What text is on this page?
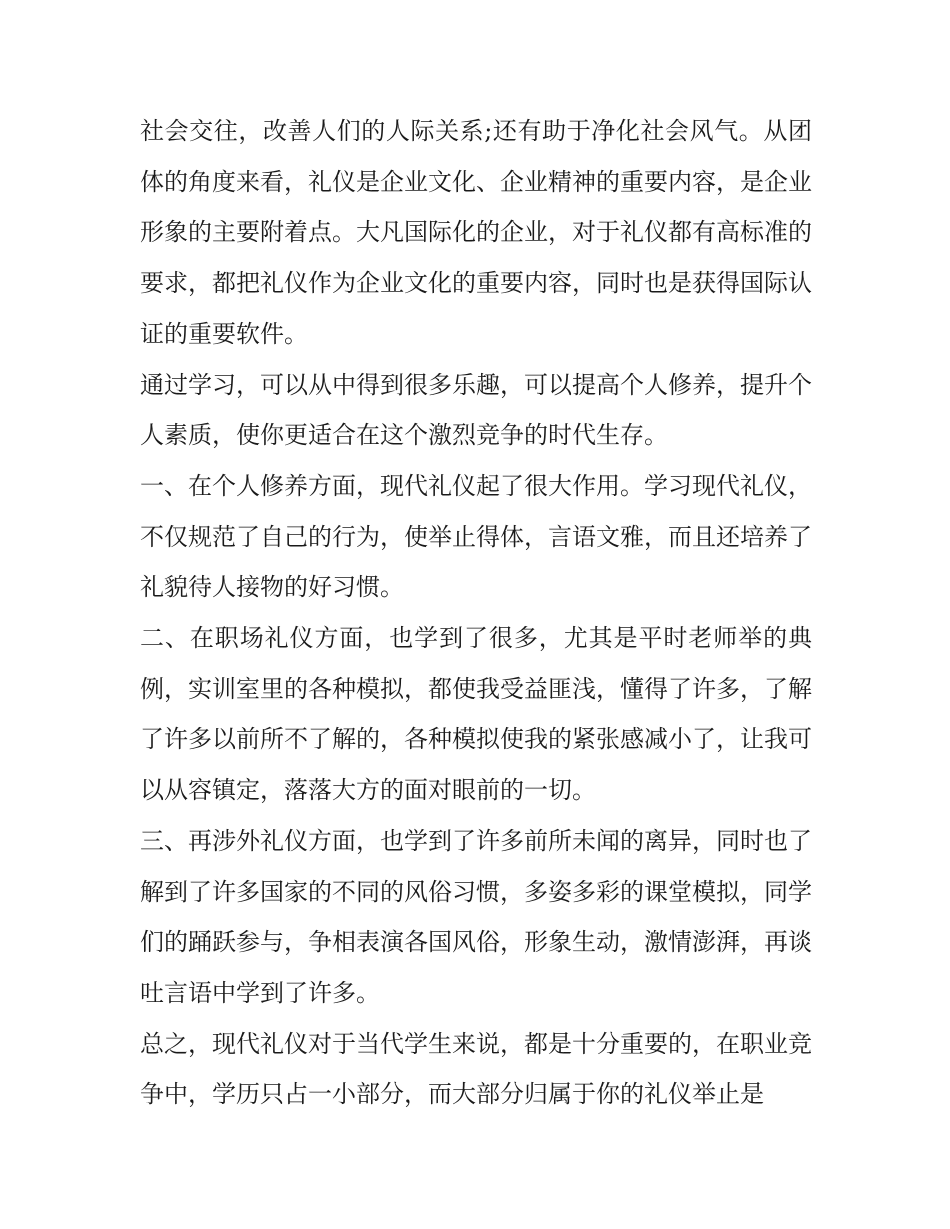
社会交往，改善人们的人际关系;还有助于净化社会风气。从团体的角度来看，礼仪是企业文化、企业精神的重要内容，是企业形象的主要附着点。大凡国际化的企业，对于礼仪都有高标准的要求，都把礼仪作为企业文化的重要内容，同时也是获得国际认证的重要软件。

通过学习，可以从中得到很多乐趣，可以提高个人修养，提升个人素质，使你更适合在这个激烈竞争的时代生存。

一、在个人修养方面，现代礼仪起了很大作用。学习现代礼仪，不仅规范了自己的行为，使举止得体，言语文雅，而且还培养了礼貌待人接物的好习惯。

二、在职场礼仪方面，也学到了很多，尤其是平时老师举的典例，实训室里的各种模拟，都使我受益匪浅，懂得了许多，了解了许多以前所不了解的，各种模拟使我的紧张感减小了，让我可以从容镇定，落落大方的面对眼前的一切。

三、再涉外礼仪方面，也学到了许多前所未闻的离异，同时也了解到了许多国家的不同的风俗习惯，多姿多彩的课堂模拟，同学们的踊跃参与，争相表演各国风俗，形象生动，激情澎湃，再谈吐言语中学到了许多。

总之，现代礼仪对于当代学生来说，都是十分重要的，在职业竞争中，学历只占一小部分，而大部分归属于你的礼仪举止是
